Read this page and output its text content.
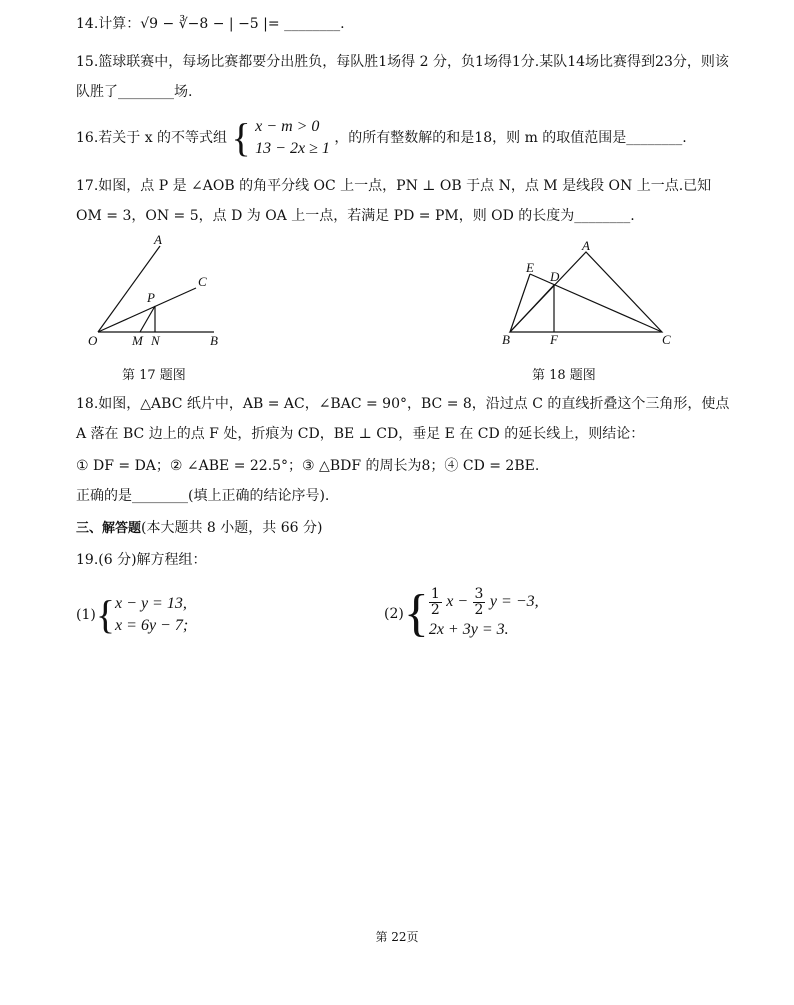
14.计算：√9 − ∛−8 − | −5 |= ________.
15.篮球联赛中，每场比赛都要分出胜负，每队胜1场得 2 分，负1场得1分.某队14场比赛得到23分，则该
队胜了________场.
16.若关于 x 的不等式组 { x − m > 0
13 − 2x ≥ 1
，的所有整数解的和是18，则 m 的取值范围是________.
17.如图，点 P 是 ∠AOB 的角平分线 OC 上一点，PN ⊥ OB 于点 N，点 M 是线段 ON 上一点.已知
OM = 3，ON = 5，点 D 为 OA 上一点，若满足 PD = PM，则 OD 的长度为________.
A
C
P
O	M N	B
第 17 题图
A
E
D
B	F	C
第 18 题图
18.如图，△ABC 纸片中，AB = AC，∠BAC = 90°，BC = 8，沿过点 C 的直线折叠这个三角形，使点
A 落在 BC 边上的点 F 处，折痕为 CD，BE ⊥ CD，垂足 E 在 CD 的延长线上，则结论：
① DF = DA；② ∠ABE = 22.5°；③ △BDF 的周长为8；④ CD = 2BE.
正确的是________(填上正确的结论序号).
三、解答题(本大题共 8 小题，共 66 分)
19.(6 分)解方程组：
(1){ x − y = 13,
x = 6y − 7;
$(2)\{ \frac{1}{2}$ $x - \frac{3}{2}$ y = −3,
2x + 3y = 3.
第 22页
